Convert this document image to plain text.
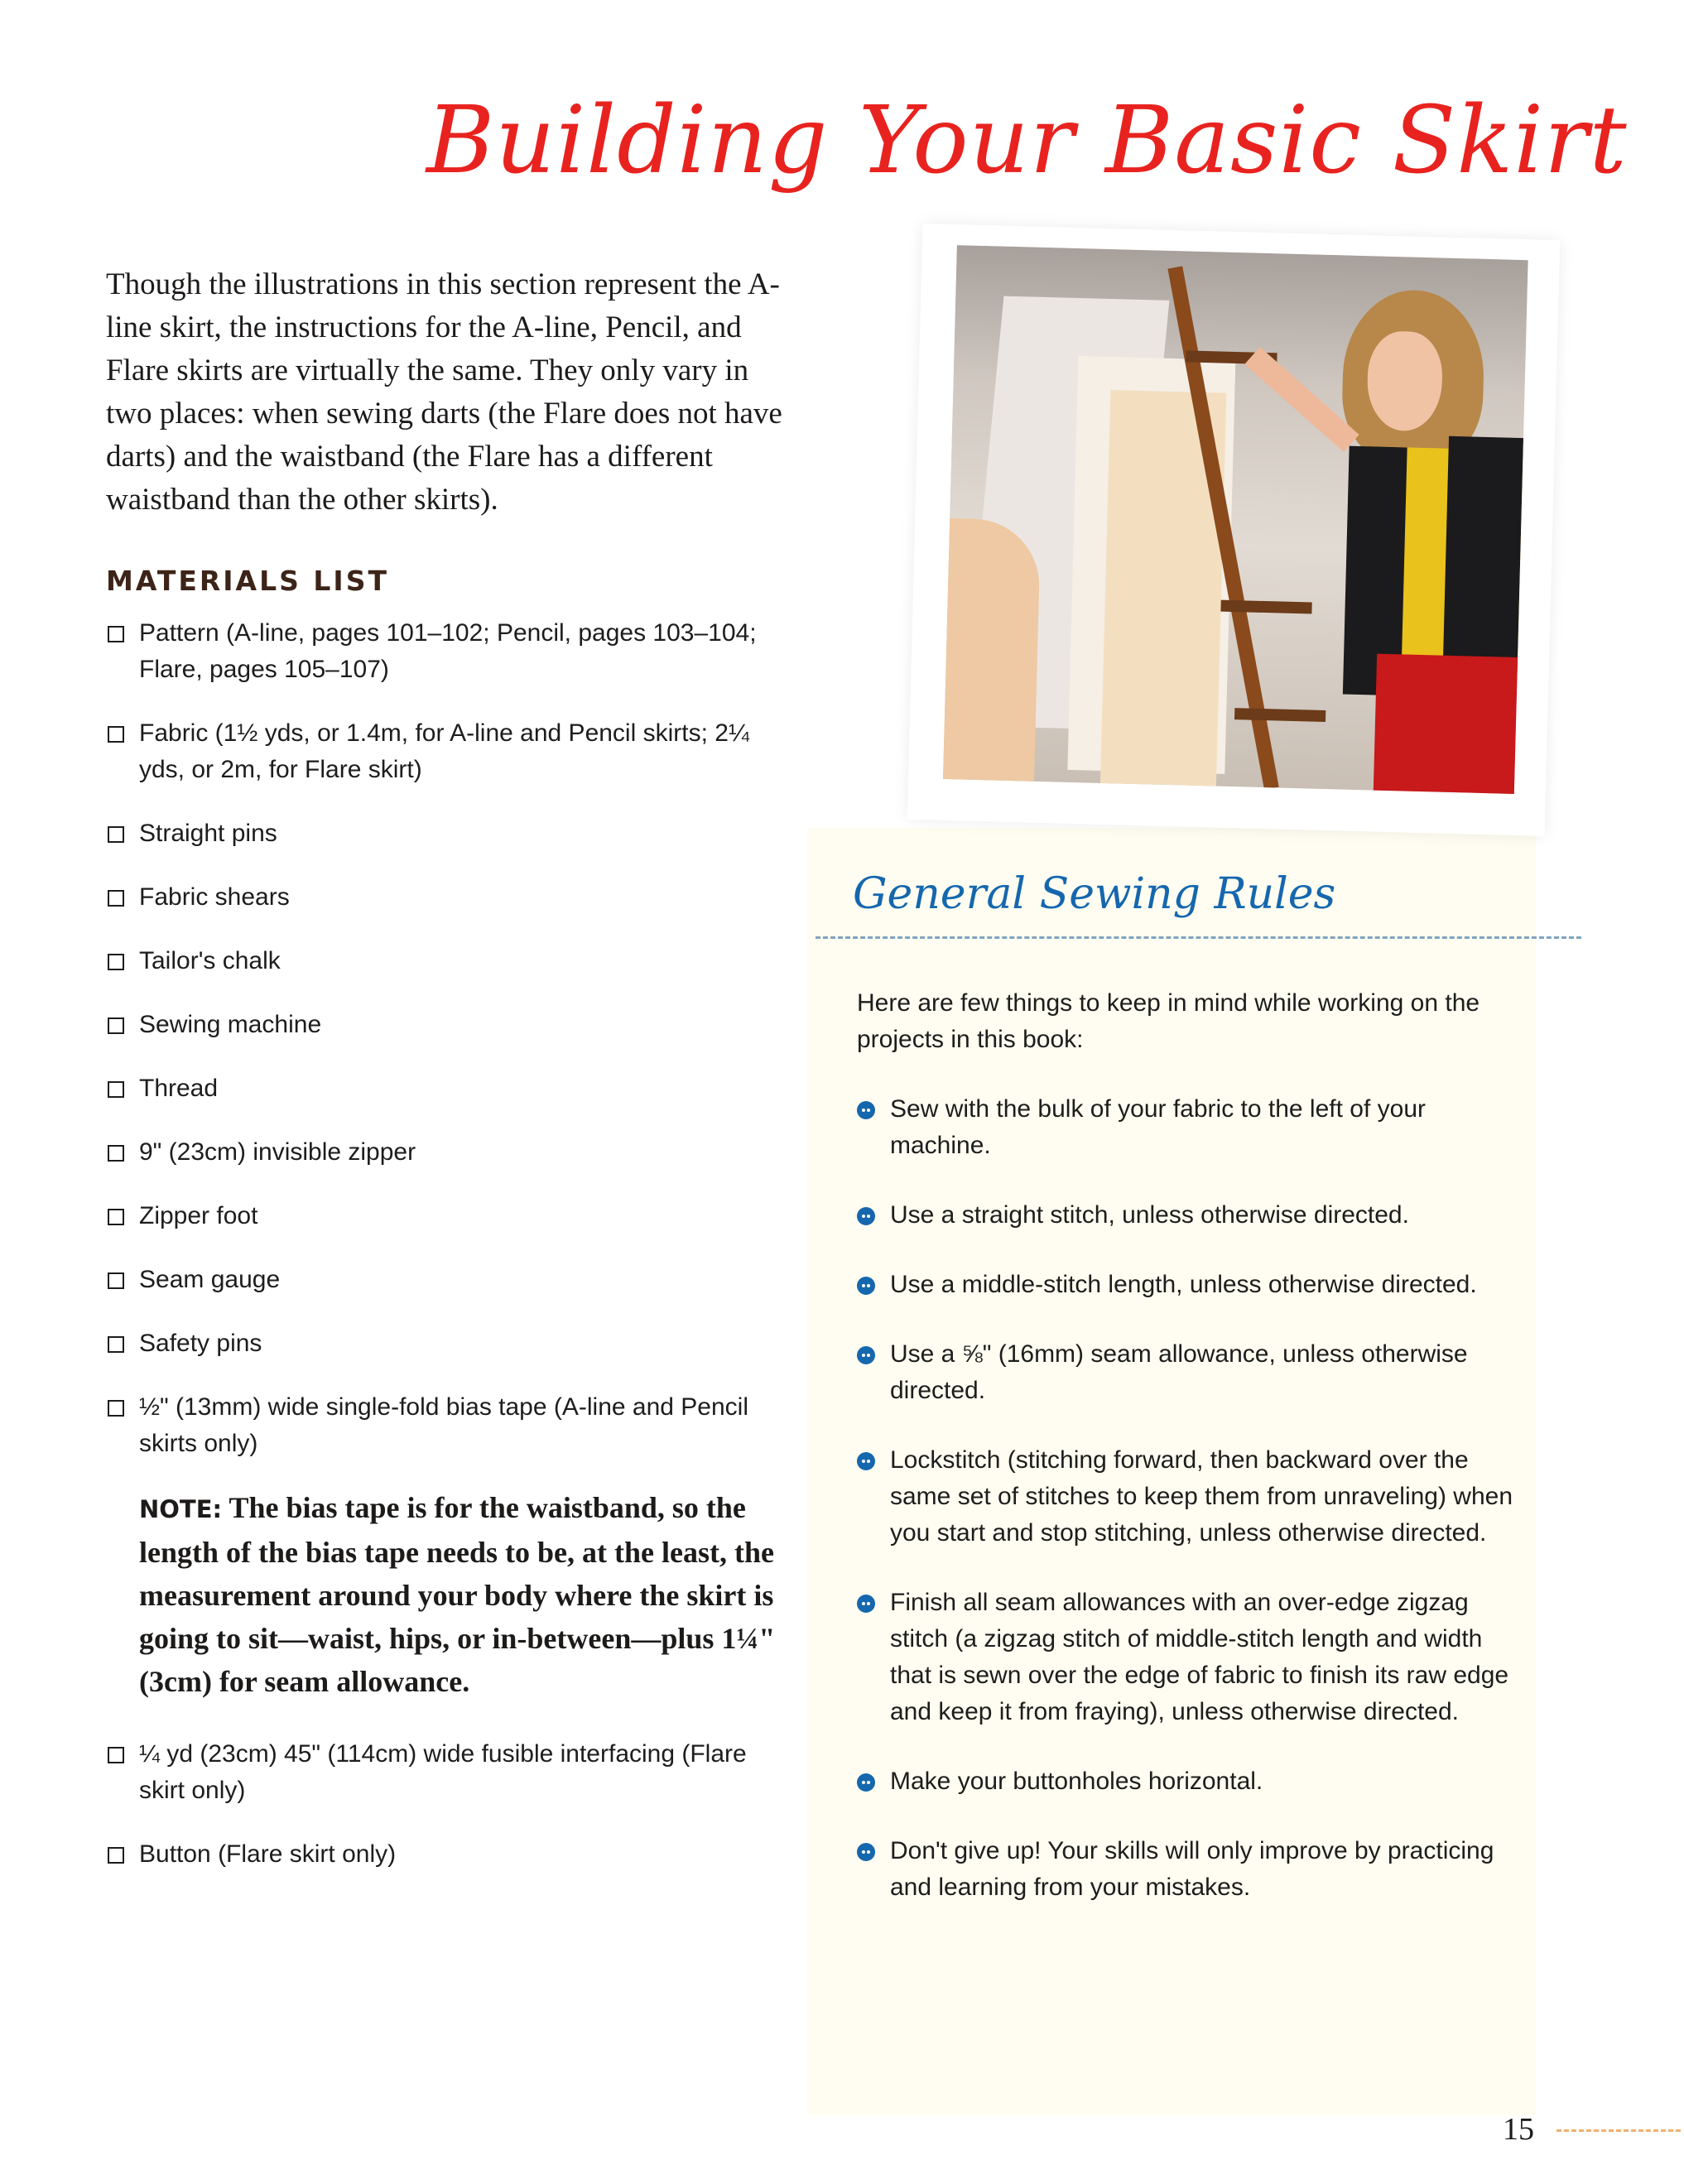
Building Your Basic Skirt

Though the illustrations in this section represent the A-line skirt, the instructions for the A-line, Pencil, and Flare skirts are virtually the same. They only vary in two places: when sewing darts (the Flare does not have darts) and the waistband (the Flare has a different waistband than the other skirts).

MATERIALS LIST
Pattern (A-line, pages 101–102; Pencil, pages 103–104; Flare, pages 105–107)
Fabric (1½ yds, or 1.4m, for A-line and Pencil skirts; 2¼ yds, or 2m, for Flare skirt)
Straight pins
Fabric shears
Tailor's chalk
Sewing machine
Thread
9" (23cm) invisible zipper
Zipper foot
Seam gauge
Safety pins
½" (13mm) wide single-fold bias tape (A-line and Pencil skirts only)

NOTE: The bias tape is for the waistband, so the length of the bias tape needs to be, at the least, the measurement around your body where the skirt is going to sit—waist, hips, or in-between—plus 1¼" (3cm) for seam allowance.

¼ yd (23cm) 45" (114cm) wide fusible interfacing (Flare skirt only)
Button (Flare skirt only)
General Sewing Rules

Here are few things to keep in mind while working on the projects in this book:

Sew with the bulk of your fabric to the left of your machine.
Use a straight stitch, unless otherwise directed.
Use a middle-stitch length, unless otherwise directed.
Use a ⅝" (16mm) seam allowance, unless otherwise directed.
Lockstitch (stitching forward, then backward over the same set of stitches to keep them from unraveling) when you start and stop stitching, unless otherwise directed.
Finish all seam allowances with an over-edge zigzag stitch (a zigzag stitch of middle-stitch length and width that is sewn over the edge of fabric to finish its raw edge and keep it from fraying), unless otherwise directed.
Make your buttonholes horizontal.
Don't give up! Your skills will only improve by practicing and learning from your mistakes.
15
